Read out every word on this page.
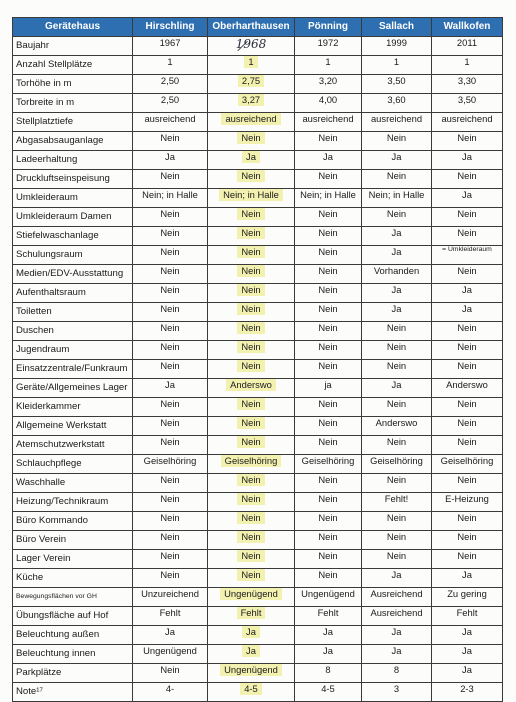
Gerätehaus	Hirschling	Oberharthausen	Pönning	Sallach	Wallkofen
Baujahr	1967	1968	1972	1999	2011
Anzahl Stellplätze	1	1	1	1	1
Torhöhe in m	2,50	2,75	3,20	3,50	3,30
Torbreite in m	2,50	3,27	4,00	3,60	3,50
Stellplatztiefe	ausreichend	ausreichend	ausreichend	ausreichend	ausreichend
Abgasabsauganlage	Nein	Nein	Nein	Nein	Nein
Ladeerhaltung	Ja	Ja	Ja	Ja	Ja
Druckluftseinspeisung	Nein	Nein	Nein	Nein	Nein
Umkleideraum	Nein; in Halle	Nein; in Halle	Nein; in Halle	Nein; in Halle	Ja
Umkleideraum Damen	Nein	Nein	Nein	Nein	Nein
Stiefelwaschanlage	Nein	Nein	Nein	Ja	Nein
Schulungsraum	Nein	Nein	Nein	Ja	= Umkleideraum
Medien/EDV-Ausstattung	Nein	Nein	Nein	Vorhanden	Nein
Aufenthaltsraum	Nein	Nein	Nein	Ja	Ja
Toiletten	Nein	Nein	Nein	Ja	Ja
Duschen	Nein	Nein	Nein	Nein	Nein
Jugendraum	Nein	Nein	Nein	Nein	Nein
Einsatzzentrale/Funkraum	Nein	Nein	Nein	Nein	Nein
Geräte/Allgemeines Lager	Ja	Anderswo	ja	Ja	Anderswo
Kleiderkammer	Nein	Nein	Nein	Nein	Nein
Allgemeine Werkstatt	Nein	Nein	Nein	Anderswo	Nein
Atemschutzwerkstatt	Nein	Nein	Nein	Nein	Nein
Schlauchpflege	Geiselhöring	Geiselhöring	Geiselhöring	Geiselhöring	Geiselhöring
Waschhalle	Nein	Nein	Nein	Nein	Nein
Heizung/Technikraum	Nein	Nein	Nein	Fehlt!	E-Heizung
Büro Kommando	Nein	Nein	Nein	Nein	Nein
Büro Verein	Nein	Nein	Nein	Nein	Nein
Lager Verein	Nein	Nein	Nein	Nein	Nein
Küche	Nein	Nein	Nein	Ja	Ja
Bewegungsflächen vor GH	Unzureichend	Ungenügend	Ungenügend	Ausreichend	Zu gering
Übungsfläche auf Hof	Fehlt	Fehlt	Fehlt	Ausreichend	Fehlt
Beleuchtung außen	Ja	Ja	Ja	Ja	Ja
Beleuchtung innen	Ungenügend	Ja	Ja	Ja	Ja
Parkplätze	Nein	Ungenügend	8	8	Ja
Note¹⁷	4-	4-5	4-5	3	2-3
